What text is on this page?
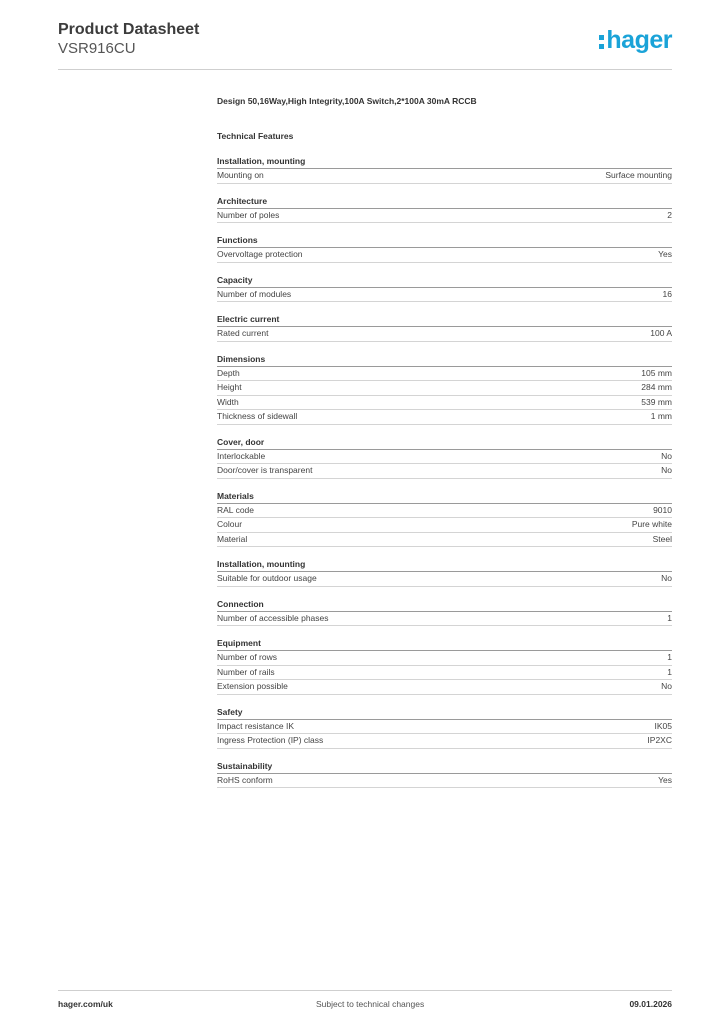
Product Datasheet
VSR916CU	hager
Design 50,16Way,High Integrity,100A Switch,2*100A 30mA RCCB
Technical Features
Installation, mounting
Mounting on	Surface mounting
Architecture
Number of poles	2
Functions
Overvoltage protection	Yes
Capacity
Number of modules	16
Electric current
Rated current	100 A
Dimensions
Depth	105 mm
Height	284 mm
Width	539 mm
Thickness of sidewall	1 mm
Cover, door
Interlockable	No
Door/cover is transparent	No
Materials
RAL code	9010
Colour	Pure white
Material	Steel
Installation, mounting
Suitable for outdoor usage	No
Connection
Number of accessible phases	1
Equipment
Number of rows	1
Number of rails	1
Extension possible	No
Safety
Impact resistance IK	IK05
Ingress Protection (IP) class	IP2XC
Sustainability
RoHS conform	Yes
hager.com/uk	Subject to technical changes	09.01.2026
